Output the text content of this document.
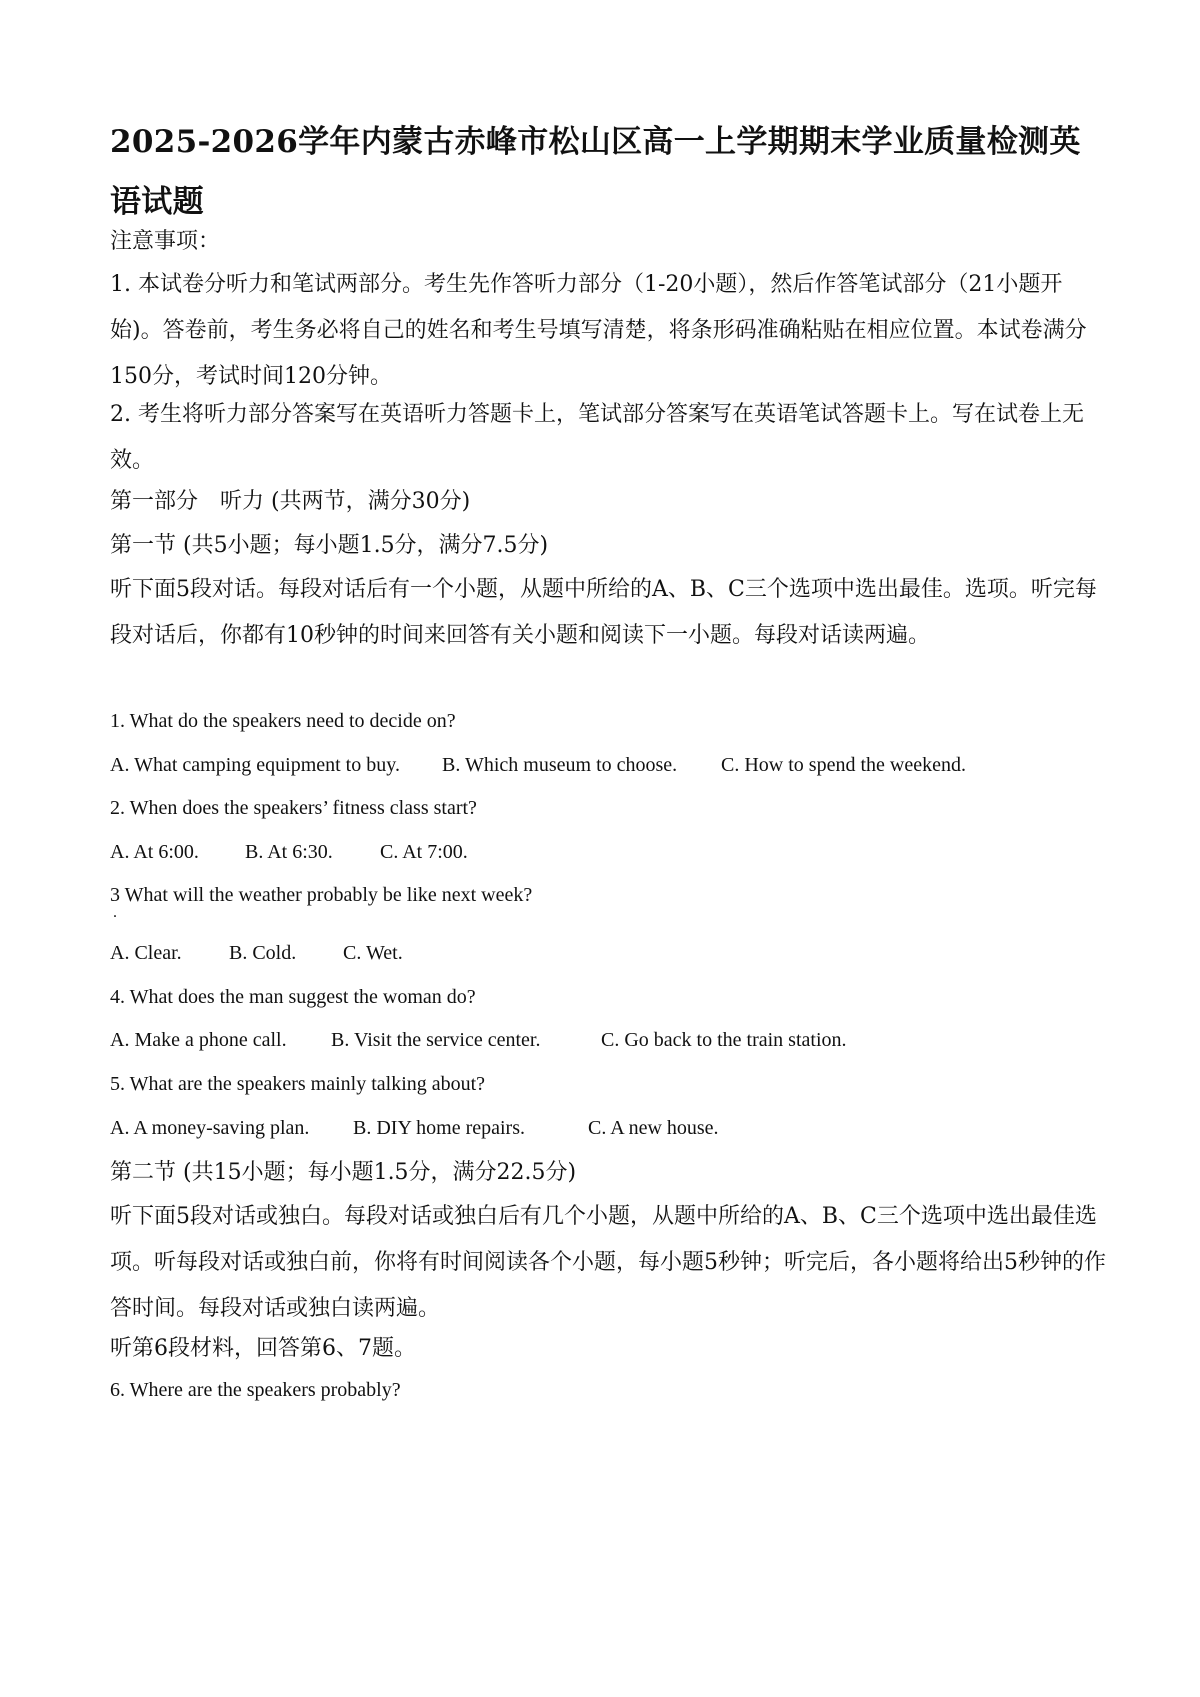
2025-2026学年内蒙古赤峰市松山区高一上学期期末学业质量检测英语试题

注意事项：

1. 本试卷分听力和笔试两部分。考生先作答听力部分（1-20小题），然后作答笔试部分（21小题开始)。答卷前，考生务必将自己的姓名和考生号填写清楚，将条形码准确粘贴在相应位置。本试卷满分150分，考试时间120分钟。

2. 考生将听力部分答案写在英语听力答题卡上，笔试部分答案写在英语笔试答题卡上。写在试卷上无效。

第一部分　听力 (共两节，满分30分)

第一节 (共5小题；每小题1.5分，满分7.5分)

听下面5段对话。每段对话后有一个小题，从题中所给的A、B、C三个选项中选出最佳。选项。听完每段对话后，你都有10秒钟的时间来回答有关小题和阅读下一小题。每段对话读两遍。

1. What do the speakers need to decide on?

A. What camping equipment to buy. B. Which museum to choose. C. How to spend the weekend.

2. When does the speakers’ fitness class start?

A. At 6:00. B. At 6:30. C. At 7:00.

3 What will the weather probably be like next week?

.

A. Clear. B. Cold. C. Wet.

4. What does the man suggest the woman do?

A. Make a phone call. B. Visit the service center.	C. Go back to the train station.

5. What are the speakers mainly talking about?

A. A money-saving plan. B. DIY home repairs.	C. A new house.

第二节 (共15小题；每小题1.5分，满分22.5分)

听下面5段对话或独白。每段对话或独白后有几个小题，从题中所给的A、B、C三个选项中选出最佳选项。听每段对话或独白前，你将有时间阅读各个小题，每小题5秒钟；听完后，各小题将给出5秒钟的作答时间。每段对话或独白读两遍。

听第6段材料，回答第6、7题。

6. Where are the speakers probably?
